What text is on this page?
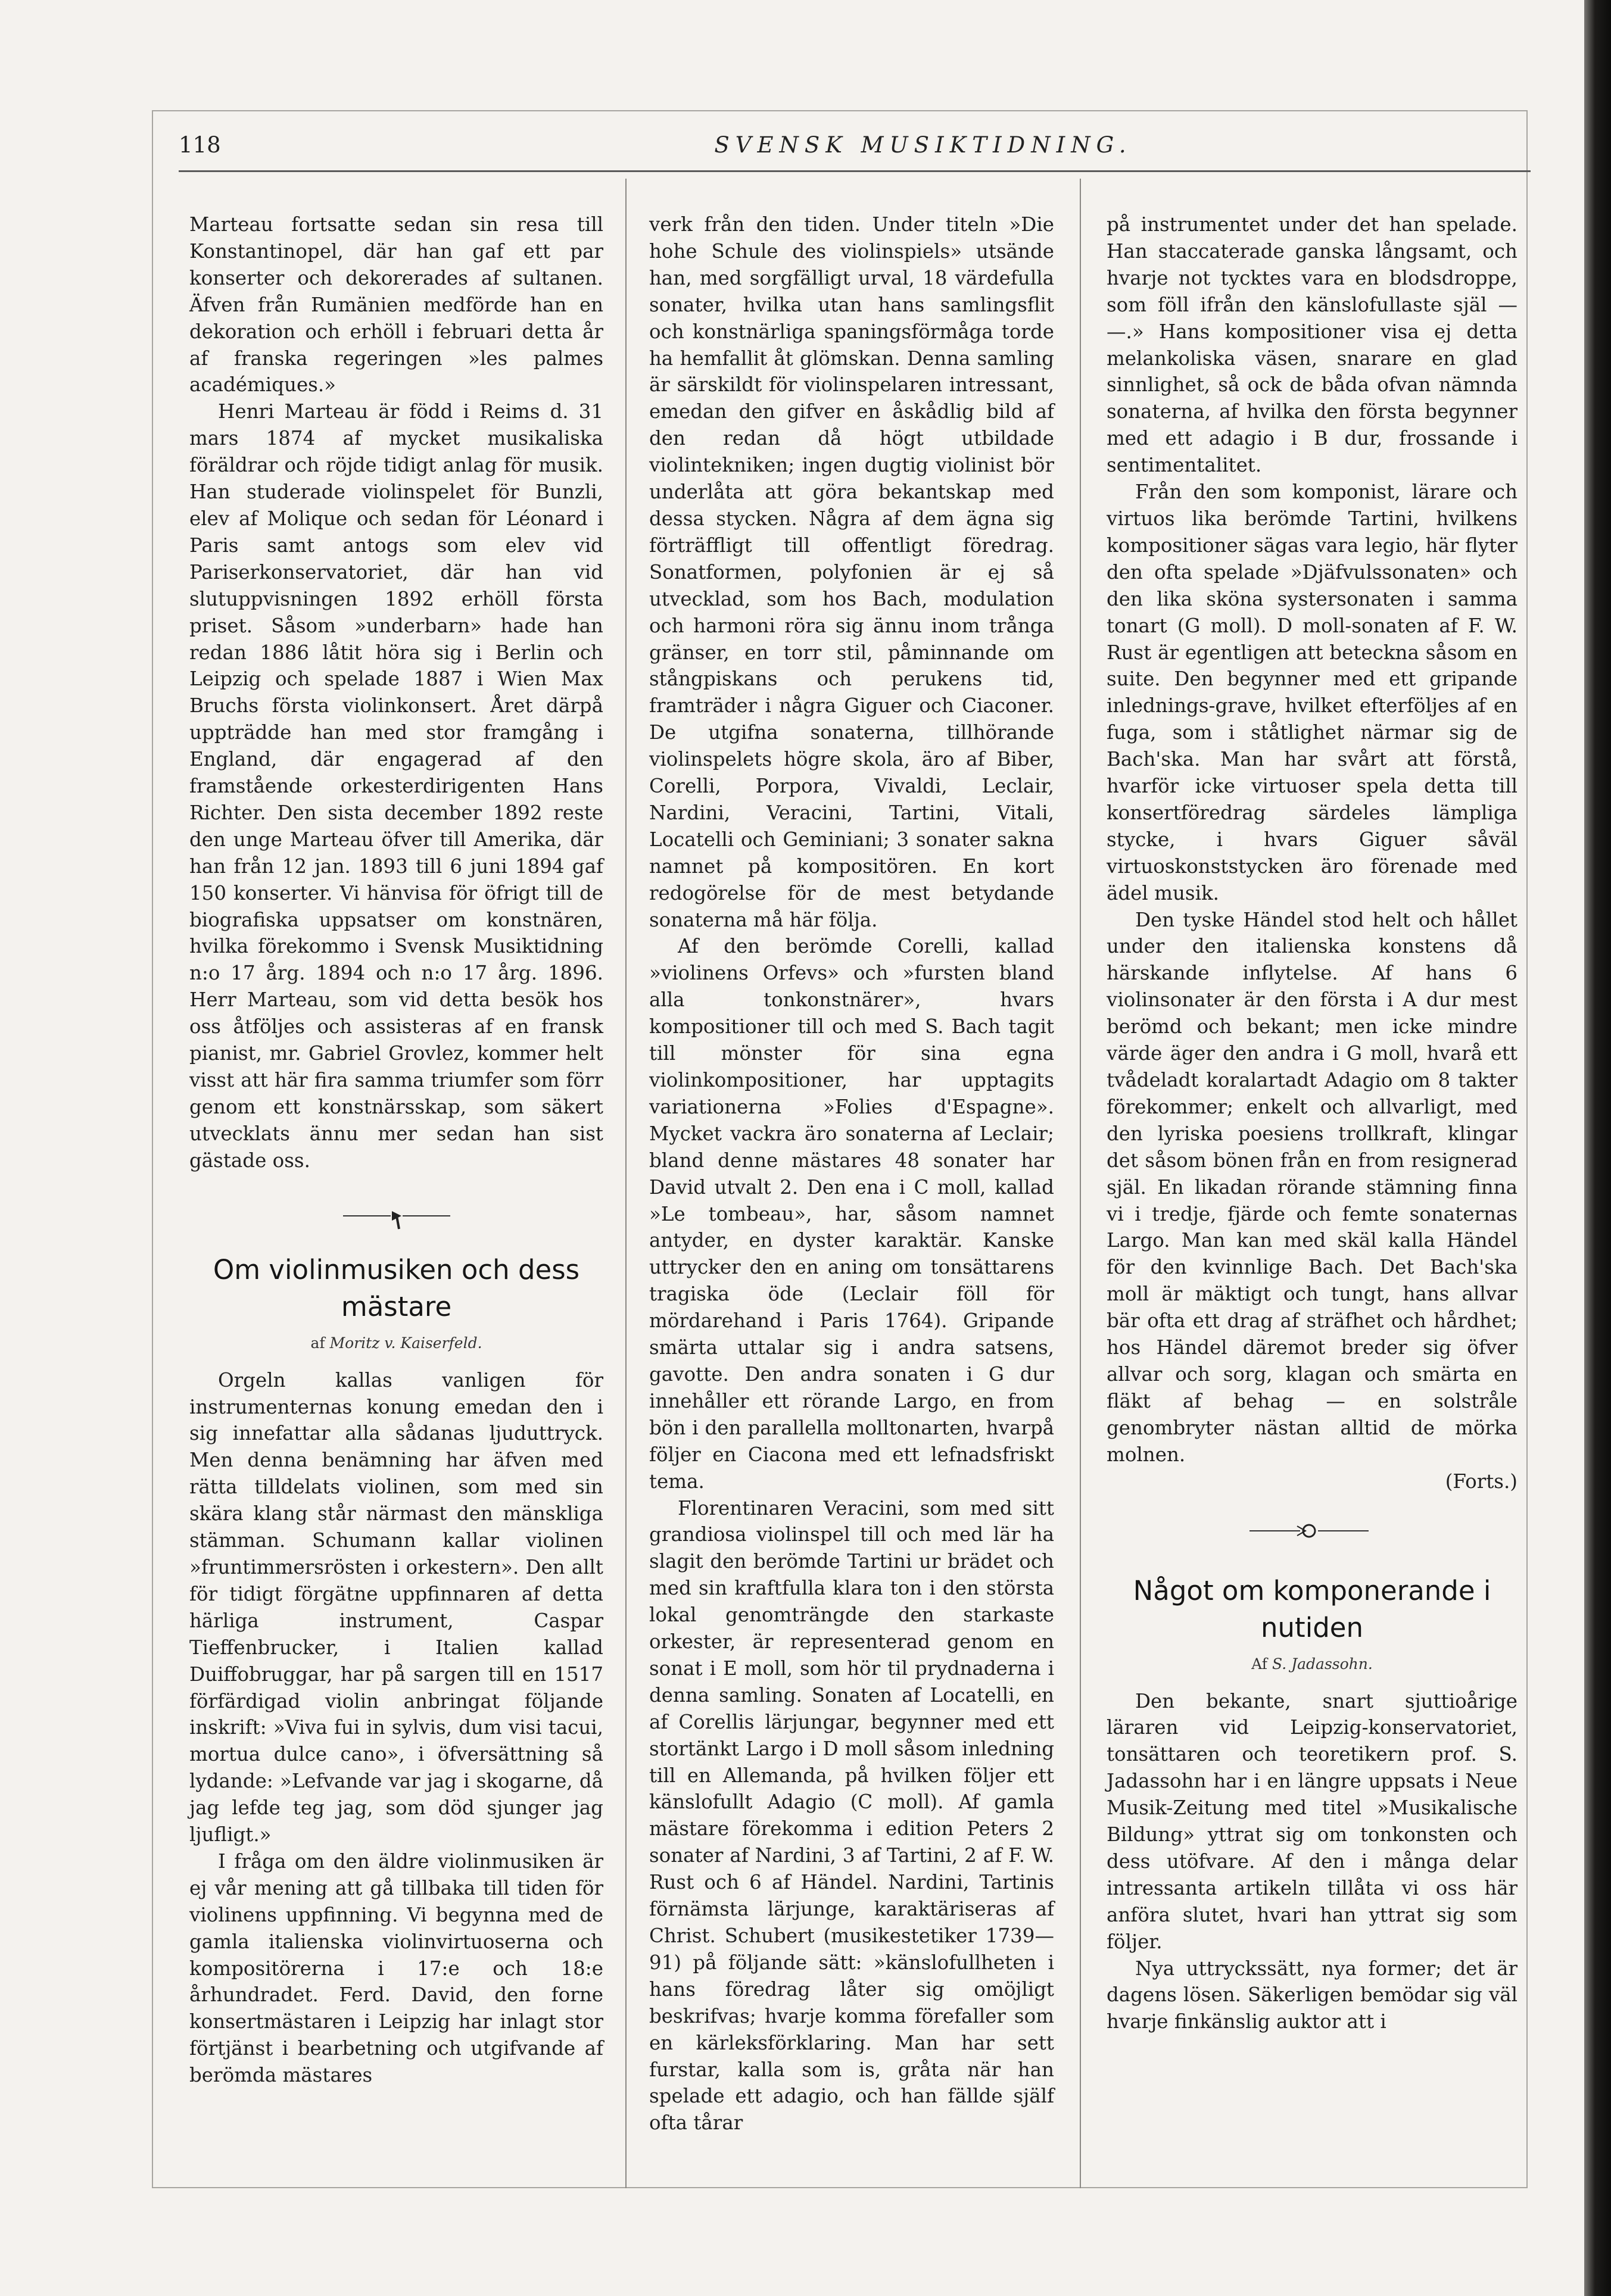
118	SVENSK MUSIKTIDNING.

Marteau fortsatte sedan sin resa till Konstantinopel, där han gaf ett par konserter och dekorerades af sultanen. Äfven från Rumänien medförde han en dekoration och erhöll i februari detta år af franska regeringen »les palmes académiques.»

Henri Marteau är född i Reims d. 31 mars 1874 af mycket musikaliska föräldrar och röjde tidigt anlag för musik. Han studerade violinspelet för Bunzli, elev af Molique och sedan för Léonard i Paris samt antogs som elev vid Pariserkonservatoriet, där han vid slutuppvisningen 1892 erhöll första priset. Såsom »underbarn» hade han redan 1886 låtit höra sig i Berlin och Leipzig och spelade 1887 i Wien Max Bruchs första violinkonsert. Året därpå uppträdde han med stor framgång i England, där engagerad af den framstående orkesterdirigenten Hans Richter. Den sista december 1892 reste den unge Marteau öfver till Amerika, där han från 12 jan. 1893 till 6 juni 1894 gaf 150 konserter. Vi hänvisa för öfrigt till de biografiska uppsatser om konstnären, hvilka förekommo i Svensk Musiktidning n:o 17 årg. 1894 och n:o 17 årg. 1896. Herr Marteau, som vid detta besök hos oss åtföljes och assisteras af en fransk pianist, mr. Gabriel Grovlez, kommer helt visst att här fira samma triumfer som förr genom ett konstnärsskap, som säkert utvecklats ännu mer sedan han sist gästade oss.

Om violinmusiken och dess mästare
af Moritz v. Kaiserfeld.

Orgeln kallas vanligen för instrumenternas konung emedan den i sig innefattar alla sådanas ljuduttryck. Men denna benämning har äfven med rätta tilldelats violinen, som med sin skära klang står närmast den mänskliga stämman. Schumann kallar violinen »fruntimmersrösten i orkestern». Den allt för tidigt förgätne uppfinnaren af detta härliga instrument, Caspar Tieffenbrucker, i Italien kallad Duiffobruggar, har på sargen till en 1517 förfärdigad violin anbringat följande inskrift: »Viva fui in sylvis, dum visi tacui, mortua dulce cano», i öfversättning så lydande: »Lefvande var jag i skogarne, då jag lefde teg jag, som död sjunger jag ljufligt.»

I fråga om den äldre violinmusiken är ej vår mening att gå tillbaka till tiden för violinens uppfinning. Vi begynna med de gamla italienska violinvirtuoserna och kompositörerna i 17:e och 18:e århundradet. Ferd. David, den forne konsertmästaren i Leipzig har inlagt stor förtjänst i bearbetning och utgifvande af berömda mästares

verk från den tiden. Under titeln »Die hohe Schule des violinspiels» utsände han, med sorgfälligt urval, 18 värdefulla sonater, hvilka utan hans samlingsflit och konstnärliga spaningsförmåga torde ha hemfallit åt glömskan. Denna samling är särskildt för violinspelaren intressant, emedan den gifver en åskådlig bild af den redan då högt utbildade violintekniken; ingen dugtig violinist bör underlåta att göra bekantskap med dessa stycken. Några af dem ägna sig förträffligt till offentligt föredrag. Sonatformen, polyfonien är ej så utvecklad, som hos Bach, modulation och harmoni röra sig ännu inom trånga gränser, en torr stil, påminnande om stångpiskans och perukens tid, framträder i några Giguer och Ciaconer. De utgifna sonaterna, tillhörande violinspelets högre skola, äro af Biber, Corelli, Porpora, Vivaldi, Leclair, Nardini, Veracini, Tartini, Vitali, Locatelli och Geminiani; 3 sonater sakna namnet på kompositören. En kort redogörelse för de mest betydande sonaterna må här följa.

Af den berömde Corelli, kallad »violinens Orfevs» och »fursten bland alla tonkonstnärer», hvars kompositioner till och med S. Bach tagit till mönster för sina egna violinkompositioner, har upptagits variationerna »Folies d'Espagne». Mycket vackra äro sonaterna af Leclair; bland denne mästares 48 sonater har David utvalt 2. Den ena i C moll, kallad »Le tombeau», har, såsom namnet antyder, en dyster karaktär. Kanske uttrycker den en aning om tonsättarens tragiska öde (Leclair föll för mördarehand i Paris 1764). Gripande smärta uttalar sig i andra satsens, gavotte. Den andra sonaten i G dur innehåller ett rörande Largo, en from bön i den parallella molltonarten, hvarpå följer en Ciacona med ett lefnadsfriskt tema.

Florentinaren Veracini, som med sitt grandiosa violinspel till och med lär ha slagit den berömde Tartini ur brädet och med sin kraftfulla klara ton i den största lokal genomträngde den starkaste orkester, är representerad genom en sonat i E moll, som hör til prydnaderna i denna samling. Sonaten af Locatelli, en af Corellis lärjungar, begynner med ett stortänkt Largo i D moll såsom inledning till en Allemanda, på hvilken följer ett känslofullt Adagio (C moll). Af gamla mästare förekomma i edition Peters 2 sonater af Nardini, 3 af Tartini, 2 af F. W. Rust och 6 af Händel. Nardini, Tartinis förnämsta lärjunge, karaktäriseras af Christ. Schubert (musikestetiker 1739—91) på följande sätt: »känslofullheten i hans föredrag låter sig omöjligt beskrifvas; hvarje komma förefaller som en kärleksförklaring. Man har sett furstar, kalla som is, gråta när han spelade ett adagio, och han fällde själf ofta tårar

på instrumentet under det han spelade. Han staccaterade ganska långsamt, och hvarje not tycktes vara en blodsdroppe, som föll ifrån den känslofullaste själ — —.» Hans kompositioner visa ej detta melankoliska väsen, snarare en glad sinnlighet, så ock de båda ofvan nämnda sonaterna, af hvilka den första begynner med ett adagio i B dur, frossande i sentimentalitet.

Från den som komponist, lärare och virtuos lika berömde Tartini, hvilkens kompositioner sägas vara legio, här flyter den ofta spelade »Djäfvulssonaten» och den lika sköna systersonaten i samma tonart (G moll). D moll-sonaten af F. W. Rust är egentligen att beteckna såsom en suite. Den begynner med ett gripande inlednings-grave, hvilket efterföljes af en fuga, som i ståtlighet närmar sig de Bach'ska. Man har svårt att förstå, hvarför icke virtuoser spela detta till konsertföredrag särdeles lämpliga stycke, i hvars Giguer såväl virtuoskonststycken äro förenade med ädel musik.

Den tyske Händel stod helt och hållet under den italienska konstens då härskande inflytelse. Af hans 6 violinsonater är den första i A dur mest berömd och bekant; men icke mindre värde äger den andra i G moll, hvarå ett tvådeladt koralartadt Adagio om 8 takter förekommer; enkelt och allvarligt, med den lyriska poesiens trollkraft, klingar det såsom bönen från en from resignerad själ. En likadan rörande stämning finna vi i tredje, fjärde och femte sonaternas Largo. Man kan med skäl kalla Händel för den kvinnlige Bach. Det Bach'ska moll är mäktigt och tungt, hans allvar bär ofta ett drag af sträfhet och hårdhet; hos Händel däremot breder sig öfver allvar och sorg, klagan och smärta en fläkt af behag — en solstråle genombryter nästan alltid de mörka molnen.

(Forts.)

Något om komponerande i nutiden
Af S. Jadassohn.

Den bekante, snart sjuttioårige läraren vid Leipzig-konservatoriet, tonsättaren och teoretikern prof. S. Jadassohn har i en längre uppsats i Neue Musik-Zeitung med titel »Musikalische Bildung» yttrat sig om tonkonsten och dess utöfvare. Af den i många delar intressanta artikeln tillåta vi oss här anföra slutet, hvari han yttrat sig som följer.

Nya uttryckssätt, nya former; det är dagens lösen. Säkerligen bemödar sig väl hvarje finkänslig auktor att i
